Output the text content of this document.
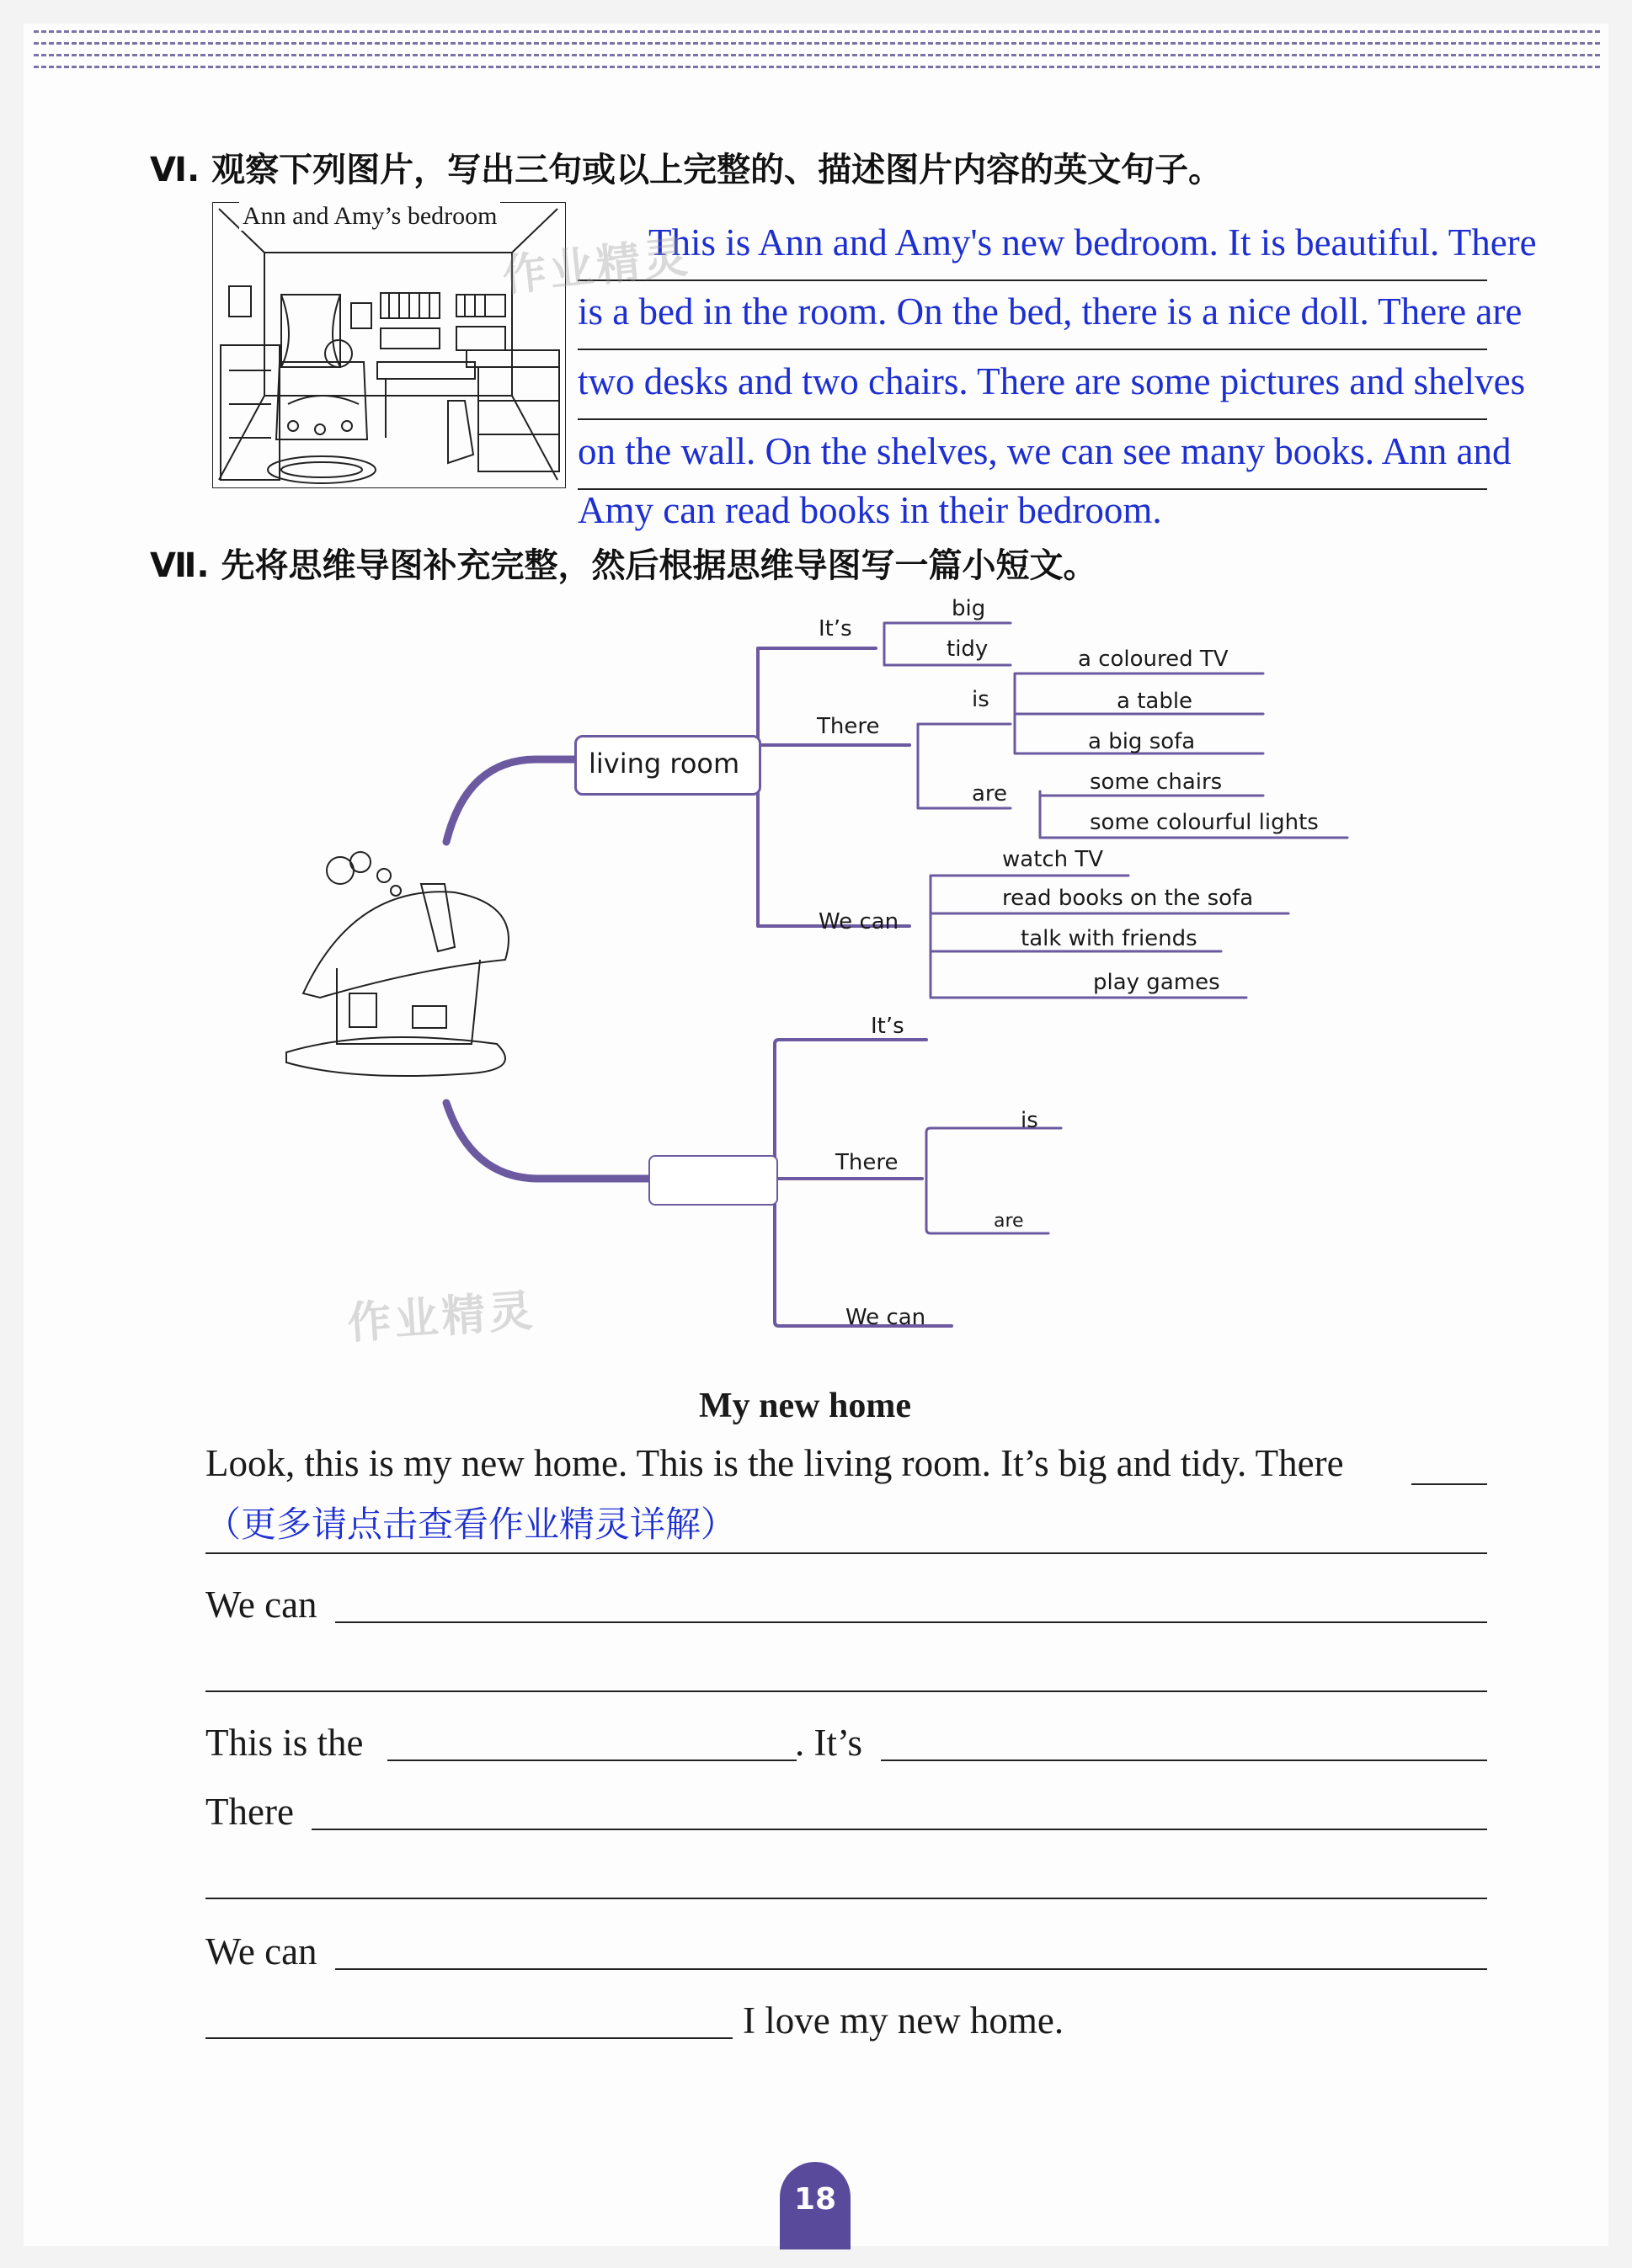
Ⅵ. 观察下列图片，写出三句或以上完整的、描述图片内容的英文句子。
Ann and Amy’s bedroom
This is Ann and Amy's new bedroom. It is beautiful. There
is a bed in the room. On the bed, there is a nice doll. There are
two desks and two chairs. There are some pictures and shelves
on the wall. On the shelves, we can see many books. Ann and
Amy can read books in their bedroom.
作业精灵
Ⅶ. 先将思维导图补充完整，然后根据思维导图写一篇小短文。
living room
It’s
big
tidy
There
is
a coloured TV
a table
a big sofa
are	some chairs
some colourful lights
We can
watch TV
read books on the sofa
talk with friends
play games
It’s
There
is
are
We can
作业精灵
My new home
Look, this is my new home. This is the living room. It’s big and tidy. There
（更多请点击查看作业精灵详解）
We can
This is the	. It’s
There
We can
I love my new home.
18
